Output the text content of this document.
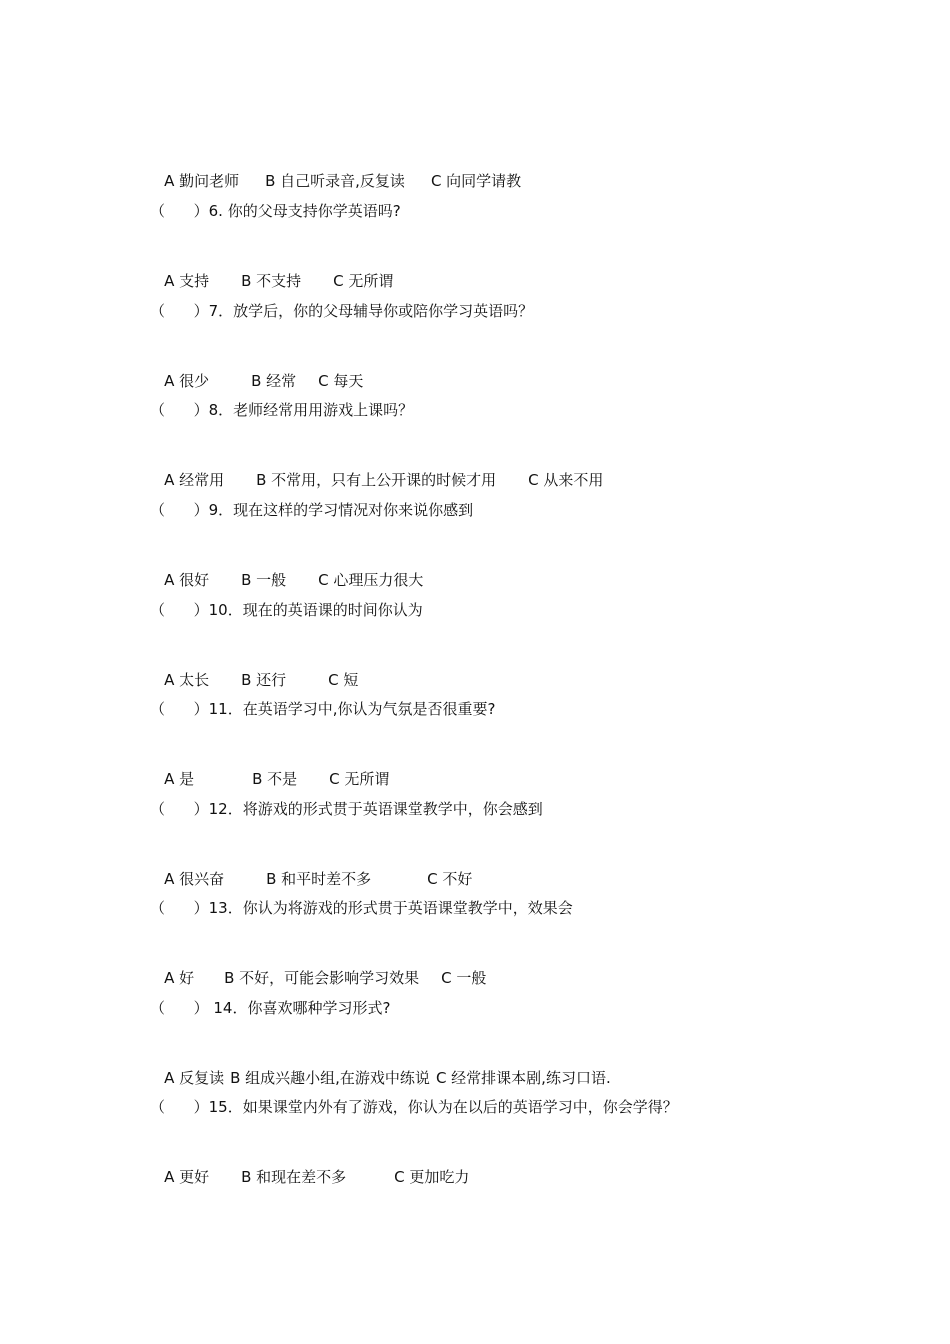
A 勤问老师 B 自己听录音,反复读 C 向同学请教

（      ）6. 你的父母支持你学英语吗?

A 支持 B 不支持 C 无所谓

（      ）7．放学后，你的父母辅导你或陪你学习英语吗？

A 很少	B 经常 C 每天

（      ）8．老师经常用用游戏上课吗？

A 经常用 B 不常用，只有上公开课的时候才用 C 从来不用

（      ）9．现在这样的学习情况对你来说你感到

A 很好 B 一般 C 心理压力很大

（      ）10．现在的英语课的时间你认为

A 太长 B 还行	C 短

（      ）11．在英语学习中,你认为气氛是否很重要?

A 是	B 不是 C 无所谓

（      ）12．将游戏的形式贯于英语课堂教学中，你会感到

A 很兴奋	B 和平时差不多	C 不好

（      ）13．你认为将游戏的形式贯于英语课堂教学中，效果会

A 好 B 不好，可能会影响学习效果 C 一般

（      ） 14．你喜欢哪种学习形式?

A 反复读 B 组成兴趣小组,在游戏中练说 C 经常排课本剧,练习口语.

（      ）15．如果课堂内外有了游戏，你认为在以后的英语学习中，你会学得？

A 更好 B 和现在差不多	C 更加吃力
